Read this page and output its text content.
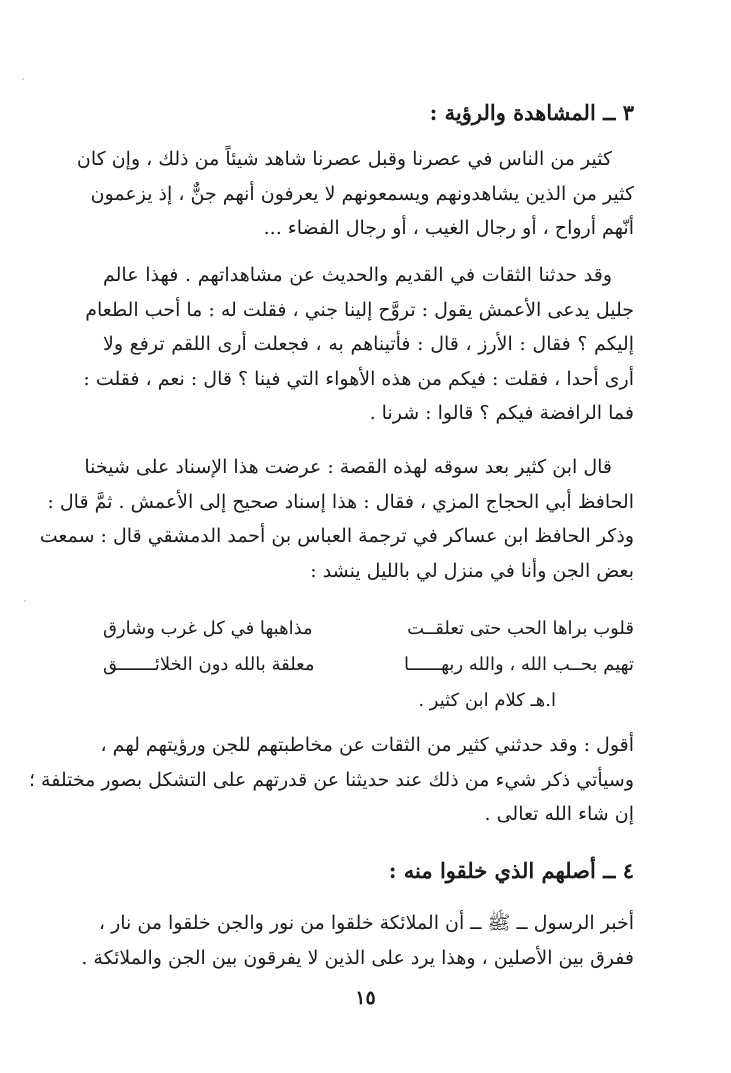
٣ ــ المشاهدة والرؤية :
كثير من الناس في عصرنا وقبل عصرنا شاهد شيئاً من ذلك ، وإن كان
كثير من الذين يشاهدونهم ويسمعونهم لا يعرفون أنهم جنٌّ ، إذ يزعمون
أنّهم أرواح ، أو رجال الغيب ، أو رجال الفضاء ...
وقد حدثنا الثقات في القديم والحديث عن مشاهداتهم . فهذا عالم
جليل يدعى الأعمش يقول : تروَّح إلينا جني ، فقلت له : ما أحب الطعام
إليكم ؟ فقال : الأرز ، قال : فأتيناهم به ، فجعلت أرى اللقم ترفع ولا
أرى أحدا ، فقلت : فيكم من هذه الأهواء التي فينا ؟ قال : نعم ، فقلت :
فما الرافضة فيكم ؟ قالوا : شرنا .
قال ابن كثير بعد سوقه لهذه القصة : عرضت هذا الإسناد على شيخنا
الحافظ أبي الحجاج المزي ، فقال : هذا إسناد صحيح إلى الأعمش . ثمَّ قال :
وذكر الحافظ ابن عساكر في ترجمة العباس بن أحمد الدمشقي قال : سمعت
بعض الجن وأنا في منزل لي بالليل ينشد :
قلوب براها الحب حتى تعلقــت
مذاهبها في كل غرب وشارق
تهيم بحــب الله ، والله ربهــــــا
معلقة بالله دون الخلائـــــــق
ا.هـ كلام ابن كثير .
أقول : وقد حدثني كثير من الثقات عن مخاطبتهم للجن ورؤيتهم لهم ،
وسيأتي ذكر شيء من ذلك عند حديثنا عن قدرتهم على التشكل بصور مختلفة ؛
إن شاء الله تعالى .
٤ ــ أصلهم الذي خلقوا منه :
أخبر الرسول ــ ﷺ ــ أن الملائكة خلقوا من نور والجن خلقوا من نار ،
ففرق بين الأصلين ، وهذا يرد على الذين لا يفرقون بين الجن والملائكة .
١٥
